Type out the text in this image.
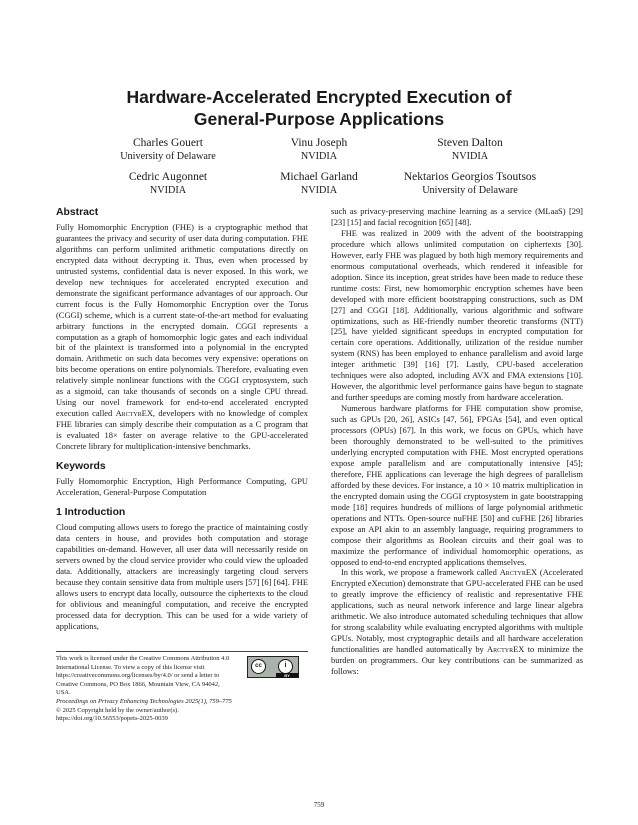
Hardware-Accelerated Encrypted Execution of
General-Purpose Applications
Charles Gouert
University of Delaware
Vinu Joseph
NVIDIA
Steven Dalton
NVIDIA
Cedric Augonnet
NVIDIA
Michael Garland
NVIDIA
Nektarios Georgios Tsoutsos
University of Delaware
Abstract

Fully Homomorphic Encryption (FHE) is a cryptographic method that guarantees the privacy and security of user data during computation. FHE algorithms can perform unlimited arithmetic computations directly on encrypted data without decrypting it. Thus, even when processed by untrusted systems, confidential data is never exposed. In this work, we develop new techniques for accelerated encrypted execution and demonstrate the significant performance advantages of our approach. Our current focus is the Fully Homomorphic Encryption over the Torus (CGGI) scheme, which is a current state-of-the-art method for evaluating arbitrary functions in the encrypted domain. CGGI represents a computation as a graph of homomorphic logic gates and each individual bit of the plaintext is transformed into a polynomial in the encrypted domain. Arithmetic on such data becomes very expensive: operations on bits become operations on entire polynomials. Therefore, evaluating even relatively simple nonlinear functions with the CGGI cryptosystem, such as a sigmoid, can take thousands of seconds on a single CPU thread. Using our novel framework for end-to-end accelerated encrypted execution called ArctyrEX, developers with no knowledge of complex FHE libraries can simply describe their computation as a C program that is evaluated 18× faster on average relative to the GPU-accelerated Concrete library for multiplication-intensive benchmarks.

Keywords

Fully Homomorphic Encryption, High Performance Computing, GPU Acceleration, General-Purpose Computation

1 Introduction

Cloud computing allows users to forego the practice of maintaining costly data centers in house, and provides both computation and storage capabilities on-demand. However, all user data will necessarily reside on servers owned by the cloud service provider who could view the uploaded data. Additionally, attackers are increasingly targeting cloud servers because they contain sensitive data from multiple users [57] [6] [64]. FHE allows users to encrypt data locally, outsource the ciphertexts to the cloud for oblivious and meaningful computation, and receive the encrypted processed data for decryption. This can be used for a wide variety of applications,

This work is licensed under the Creative Commons Attribution 4.0 International License. To view a copy of this license visit https://creativecommons.org/licenses/by/4.0/ or send a letter to Creative Commons, PO Box 1866, Mountain View, CA 94042, USA.
cc	i
BY
Proceedings on Privacy Enhancing Technologies 2025(1), 759–775
© 2025 Copyright held by the owner/author(s).
https://doi.org/10.56553/popets-2025-0039

such as privacy-preserving machine learning as a service (MLaaS) [29] [23] [15] and facial recognition [65] [48].

FHE was realized in 2009 with the advent of the bootstrapping procedure which allows unlimited computation on ciphertexts [30]. However, early FHE was plagued by both high memory requirements and enormous computational overheads, which rendered it infeasible for adoption. Since its inception, great strides have been made to reduce these runtime costs: First, new homomorphic encryption schemes have been developed with more efficient bootstrapping constructions, such as DM [27] and CGGI [18]. Additionally, various algorithmic and software optimizations, such as HE-friendly number theoretic transforms (NTT) [25], have yielded significant speedups in encrypted computation for certain core operations. Additionally, utilization of the residue number system (RNS) has been employed to enhance parallelism and avoid large integer arithmetic [39] [16] [7]. Lastly, CPU-based acceleration techniques were also adopted, including AVX and FMA extensions [10]. However, the algorithmic level performance gains have begun to stagnate and further speedups are coming mostly from hardware acceleration.

Numerous hardware platforms for FHE computation show promise, such as GPUs [20, 26], ASICs [47, 56], FPGAs [54], and even optical processors (OPUs) [67]. In this work, we focus on GPUs, which have been thoroughly demonstrated to be well-suited to the primitives underlying encrypted computation with FHE. Most encrypted operations expose ample parallelism and are computationally intensive [45]; therefore, FHE applications can leverage the high degrees of parallelism afforded by these devices. For instance, a 10 × 10 matrix multiplication in the encrypted domain using the CGGI cryptosystem in gate bootstrapping mode [18] requires hundreds of millions of large polynomial arithmetic operations and NTTs. Open-source nuFHE [50] and cuFHE [26] libraries expose an API akin to an assembly language, requiring programmers to compose their algorithms as Boolean circuits and their goal was to maximize the performance of individual homomorphic operations, as opposed to end-to-end encrypted applications themselves.

In this work, we propose a framework called ArctyrEX (Accelerated Encrypted eXecution) demonstrate that GPU-accelerated FHE can be used to greatly improve the efficiency of realistic and representative FHE applications, such as neural network inference and large linear algebra arithmetic. We also introduce automated scheduling techniques that allow for strong scalability while evaluating encrypted algorithms with multiple GPUs. Notably, most cryptographic details and all hardware acceleration functionalities are handled automatically by ArctyrEX to minimize the burden on programmers. Our key contributions can be summarized as follows:

759
